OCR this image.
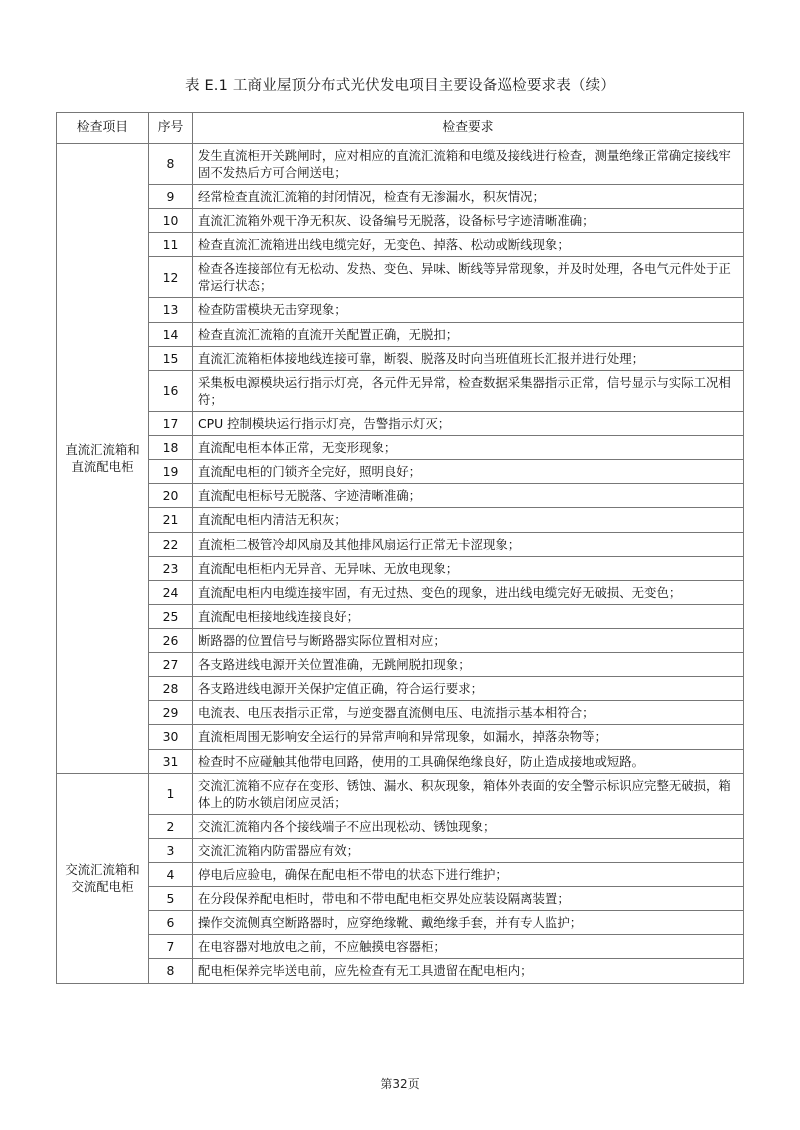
表 E.1 工商业屋顶分布式光伏发电项目主要设备巡检要求表（续）
检查项目	序号	检查要求
直流汇流箱和直流配电柜	8	发生直流柜开关跳闸时，应对相应的直流汇流箱和电缆及接线进行检查，测量绝缘正常确定接线牢固不发热后方可合闸送电；
	9	经常检查直流汇流箱的封闭情况，检查有无渗漏水，积灰情况；
	10	直流汇流箱外观干净无积灰、设备编号无脱落，设备标号字迹清晰准确；
	11	检查直流汇流箱进出线电缆完好，无变色、掉落、松动或断线现象；
	12	检查各连接部位有无松动、发热、变色、异味、断线等异常现象，并及时处理，各电气元件处于正常运行状态；
	13	检查防雷模块无击穿现象；
	14	检查直流汇流箱的直流开关配置正确，无脱扣；
	15	直流汇流箱柜体接地线连接可靠，断裂、脱落及时向当班值班长汇报并进行处理；
	16	采集板电源模块运行指示灯亮，各元件无异常，检查数据采集器指示正常，信号显示与实际工况相符；
	17	CPU 控制模块运行指示灯亮，告警指示灯灭；
	18	直流配电柜本体正常，无变形现象；
	19	直流配电柜的门锁齐全完好，照明良好；
	20	直流配电柜标号无脱落、字迹清晰准确；
	21	直流配电柜内清洁无积灰；
	22	直流柜二极管冷却风扇及其他排风扇运行正常无卡涩现象；
	23	直流配电柜柜内无异音、无异味、无放电现象；
	24	直流配电柜内电缆连接牢固，有无过热、变色的现象，进出线电缆完好无破损、无变色；
	25	直流配电柜接地线连接良好；
	26	断路器的位置信号与断路器实际位置相对应；
	27	各支路进线电源开关位置准确，无跳闸脱扣现象；
	28	各支路进线电源开关保护定值正确，符合运行要求；
	29	电流表、电压表指示正常，与逆变器直流侧电压、电流指示基本相符合；
	30	直流柜周围无影响安全运行的异常声响和异常现象，如漏水，掉落杂物等；
	31	检查时不应碰触其他带电回路，使用的工具确保绝缘良好，防止造成接地或短路。
交流汇流箱和交流配电柜	1	交流汇流箱不应存在变形、锈蚀、漏水、积灰现象，箱体外表面的安全警示标识应完整无破损，箱体上的防水锁启闭应灵活；
	2	交流汇流箱内各个接线端子不应出现松动、锈蚀现象；
	3	交流汇流箱内防雷器应有效；
	4	停电后应验电，确保在配电柜不带电的状态下进行维护；
	5	在分段保养配电柜时，带电和不带电配电柜交界处应装设隔离装置；
	6	操作交流侧真空断路器时，应穿绝缘靴、戴绝缘手套，并有专人监护；
	7	在电容器对地放电之前，不应触摸电容器柜；
	8	配电柜保养完毕送电前，应先检查有无工具遗留在配电柜内；
第32页
